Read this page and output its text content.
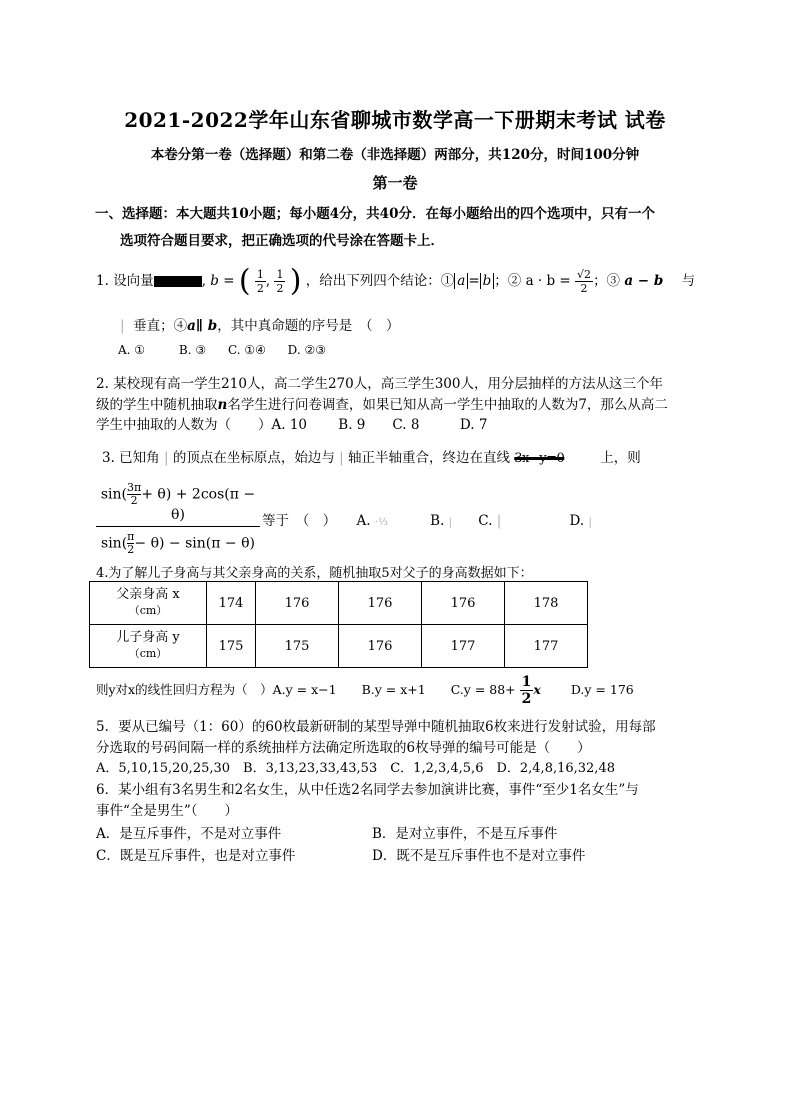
2021-2022学年山东省聊城市数学高一下册期末考试 试卷
本卷分第一卷（选择题）和第二卷（非选择题）两部分，共120分，时间100分钟
第一卷
一、选择题：本大题共10小题；每小题4分，共40分．在每小题给出的四个选项中，只有一个
选项符合题目要求，把正确选项的代号涂在答题卡上．
1. 设向量	, b = ( $\frac{1}{2}$ , $\frac{1}{2}$ ) ，给出下列四个结论：① a = b ；② $a \cdot b = \frac{√2}{2}$ ；③ a − b 与
| 垂直；④a∥ b，其中真命题的序号是　（　）
A. ①	B. ③ C. ①④ D. ②③
2. 某校现有高一学生210人，高二学生270人，高三学生300人，用分层抽样的方法从这三个年
级的学生中随机抽取n名学生进行问卷调查，如果已知从高一学生中抽取的人数为7，那么从高二
学生中抽取的人数为（　　）A. 10　　 B. 9　　C. 8　　　D. 7
3. 已知角 | 的顶点在坐标原点，始边与 | 轴正半轴重合，终边在直线 3x−y=0	上，则
$\frac{\sin( \frac{3\pi}{2} + \theta) + 2\cos(\pi - \theta)}{\sin( \frac{\pi}{2} - \theta) - \sin(\pi - \theta)}$ 等于　（　） A. ·⅓	B. | C. |	D. |
4.为了解儿子身高与其父亲身高的关系，随机抽取5对父子的身高数据如下：
父亲身高 x
（cm）	174	176	176	176	178
儿子身高 y
（cm）	175	175	176	177	177
则y对x的线性回归方程为（　）A.y = x−1　　B.y = x+1　　$C.y = 88+ \frac{1}{2}$ x D.y = 176
5．要从已编号（1：60）的60枚最新研制的某型导弹中随机抽取6枚来进行发射试验，用每部
分选取的号码间隔一样的系统抽样方法确定所选取的6枚导弹的编号可能是（　　）
A．5,10,15,20,25,30　B．3,13,23,33,43,53　C．1,2,3,4,5,6　D．2,4,8,16,32,48
6．某小组有3名男生和2名女生，从中任选2名同学去参加演讲比赛，事件“至少1名女生”与
事件“全是男生”（　　）
A．是互斥事件，不是对立事件	B．是对立事件，不是互斥事件
C．既是互斥事件，也是对立事件	D．既不是互斥事件也不是对立事件
